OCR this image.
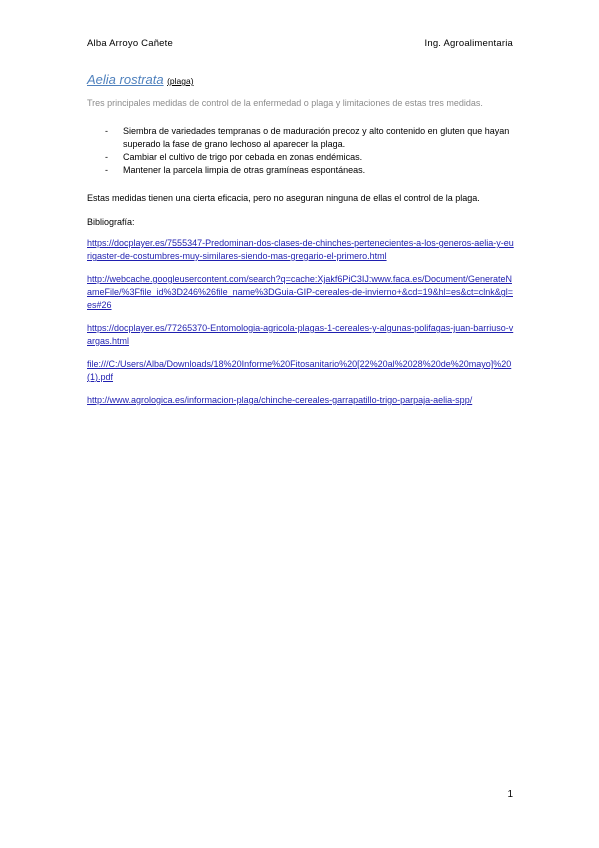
Alba Arroyo Cañete	Ing. Agroalimentaria
Aelia rostrata (plaga)
Tres principales medidas de control de la enfermedad o plaga y limitaciones de estas tres medidas.
- Siembra de variedades tempranas o de maduración precoz y alto contenido en gluten que hayan superado la fase de grano lechoso al aparecer la plaga.
- Cambiar el cultivo de trigo por cebada en zonas endémicas.
- Mantener la parcela limpia de otras gramíneas espontáneas.
Estas medidas tienen una cierta eficacia, pero no aseguran ninguna de ellas el control de la plaga.
Bibliografía:
https://docplayer.es/7555347-Predominan-dos-clases-de-chinches-pertenecientes-a-los-generos-aelia-y-eurigaster-de-costumbres-muy-similares-siendo-mas-gregario-el-primero.html
http://webcache.googleusercontent.com/search?q=cache:Xjakf6PiC3IJ:www.faca.es/Document/GenerateNameFile/%3Ffile_id%3D246%26file_name%3DGuia-GIP-cereales-de-invierno+&cd=19&hl=es&ct=clnk&gl=es#26
https://docplayer.es/77265370-Entomologia-agricola-plagas-1-cereales-y-algunas-polifagas-juan-barriuso-vargas.html
file:///C:/Users/Alba/Downloads/18%20Informe%20Fitosanitario%20[22%20al%2028%20de%20mayo]%20(1).pdf
http://www.agrologica.es/informacion-plaga/chinche-cereales-garrapatillo-trigo-parpaja-aelia-spp/
1
